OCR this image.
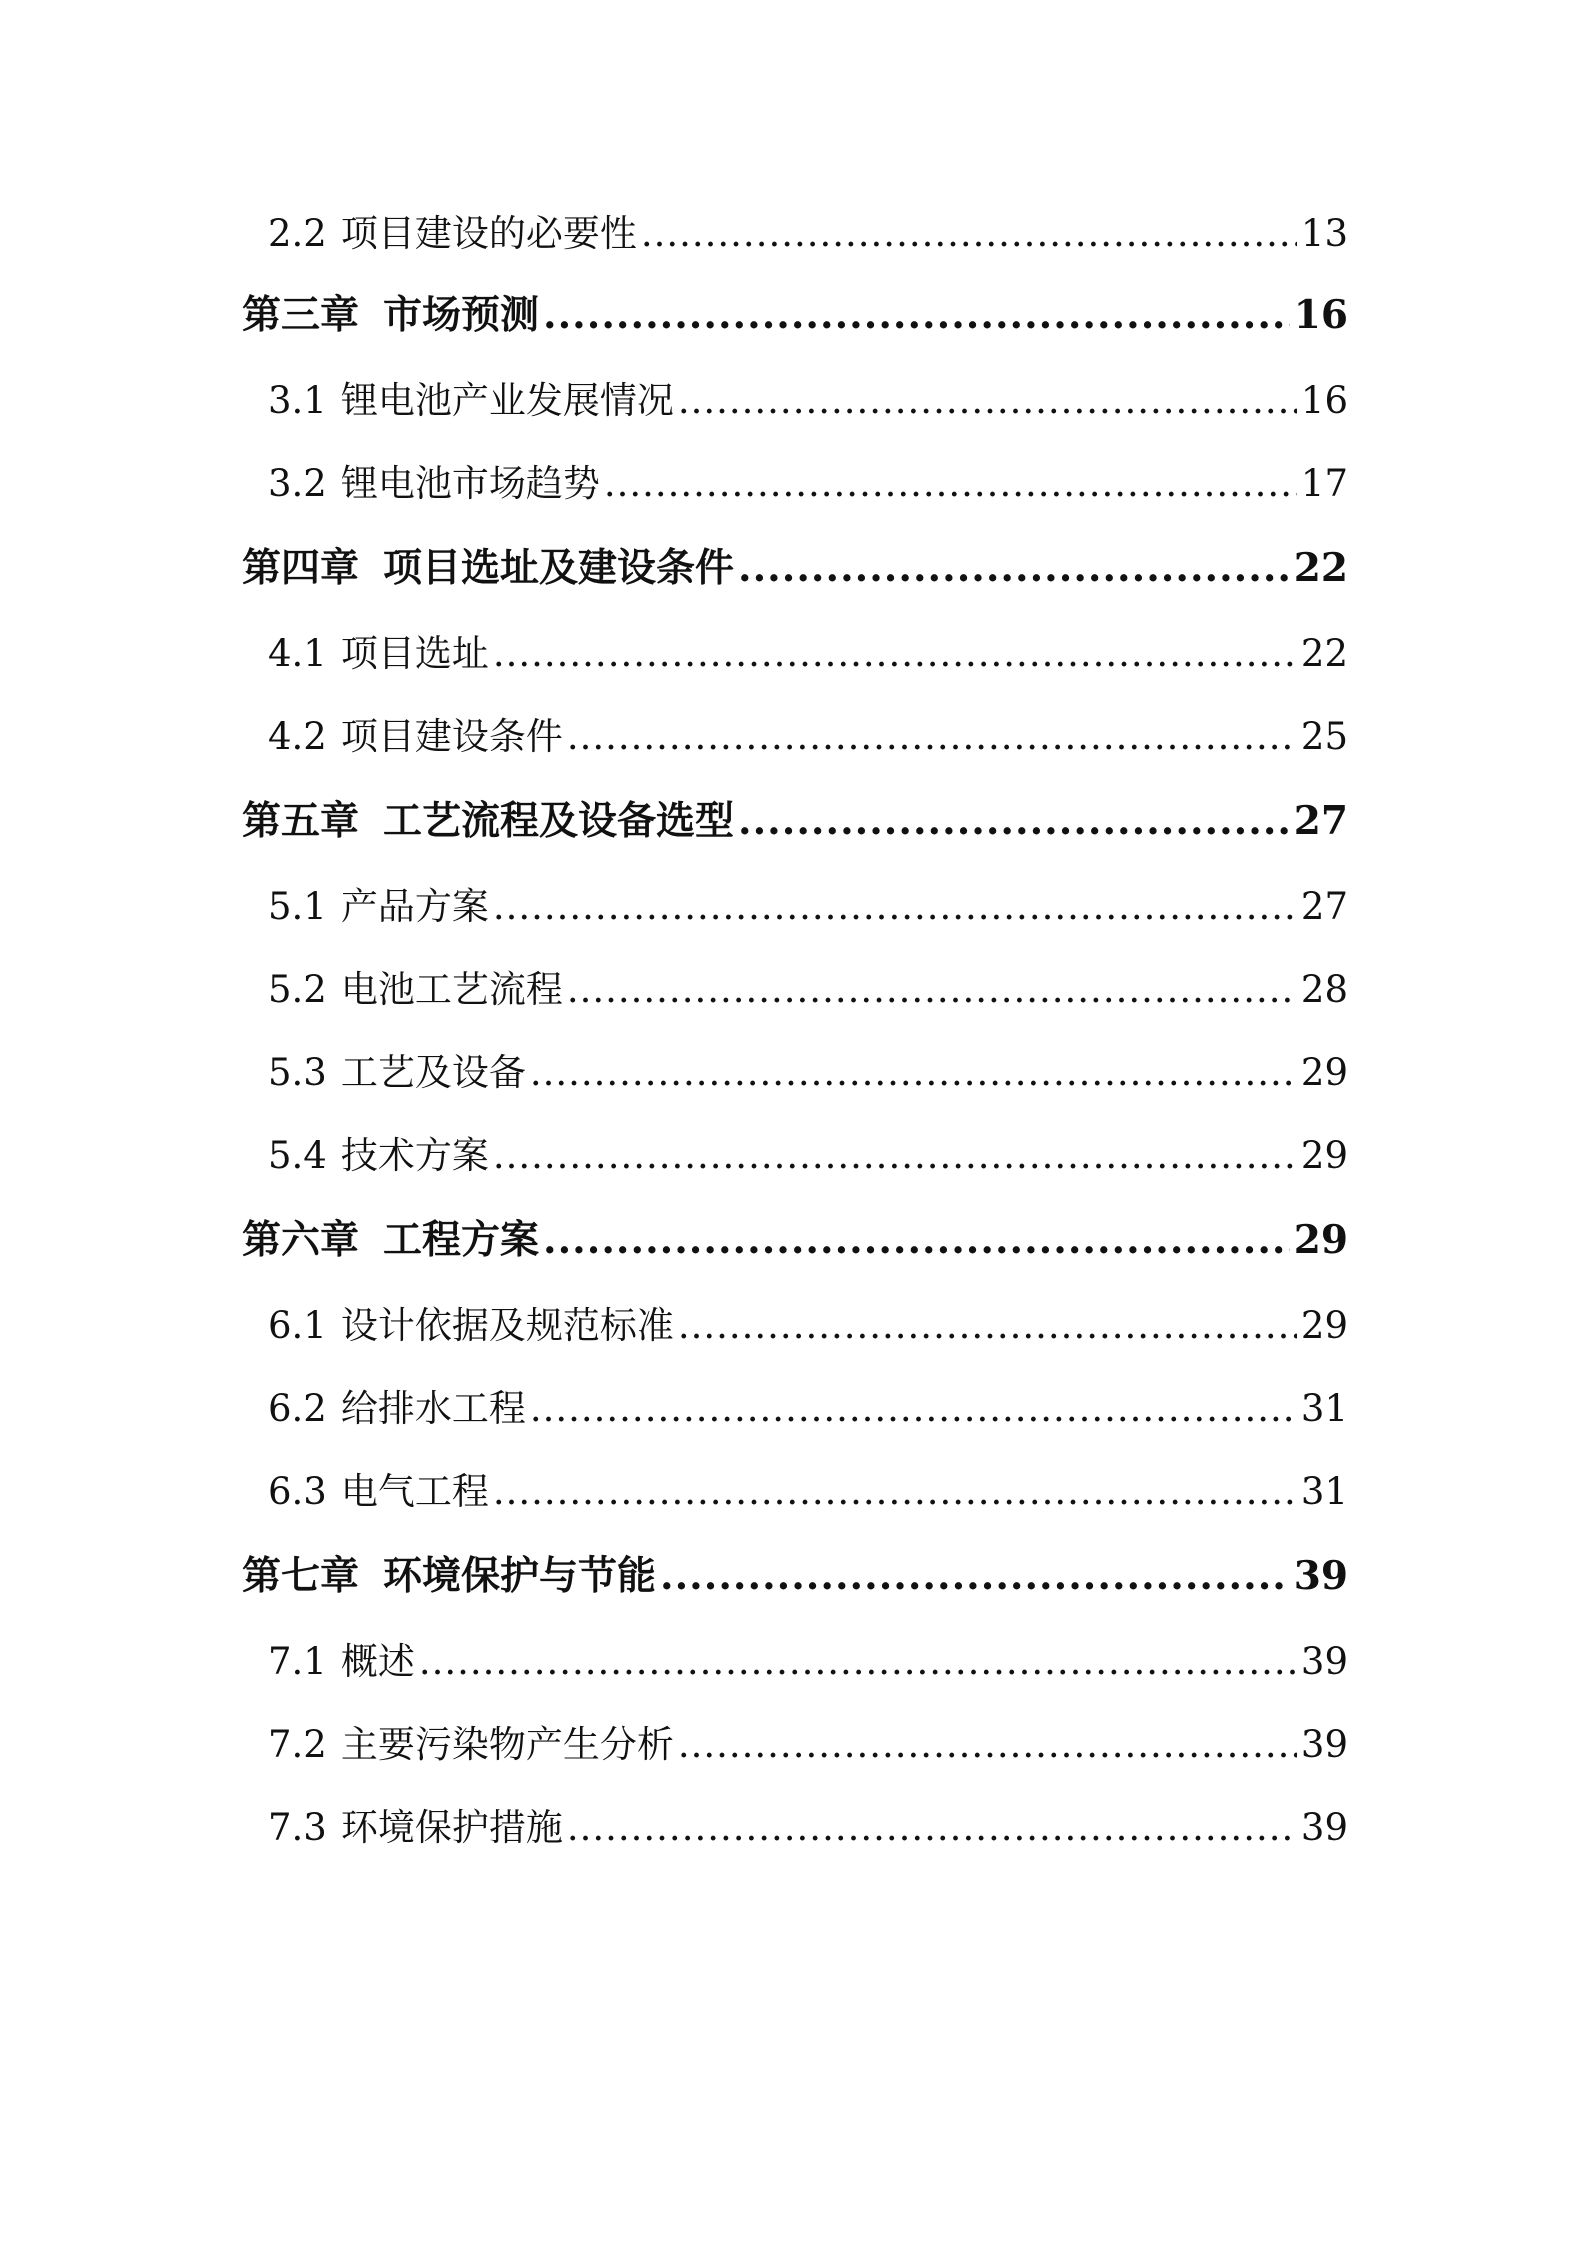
2.2 项目建设的必要性 .....	13
第三章 市场预测 .....	16
3.1 锂电池产业发展情况 .....	16
3.2 锂电池市场趋势 .....	17
第四章 项目选址及建设条件 .....	22
4.1 项目选址 .....	22
4.2 项目建设条件 .....	25
第五章 工艺流程及设备选型 .....	27
5.1 产品方案 .....	27
5.2 电池工艺流程 .....	28
5.3 工艺及设备 .....	29
5.4 技术方案 .....	29
第六章 工程方案 .....	29
6.1 设计依据及规范标准 .....	29
6.2 给排水工程 .....	31
6.3 电气工程 .....	31
第七章 环境保护与节能 .....	39
7.1 概述 .....	39
7.2 主要污染物产生分析 .....	39
7.3 环境保护措施 .....	39
